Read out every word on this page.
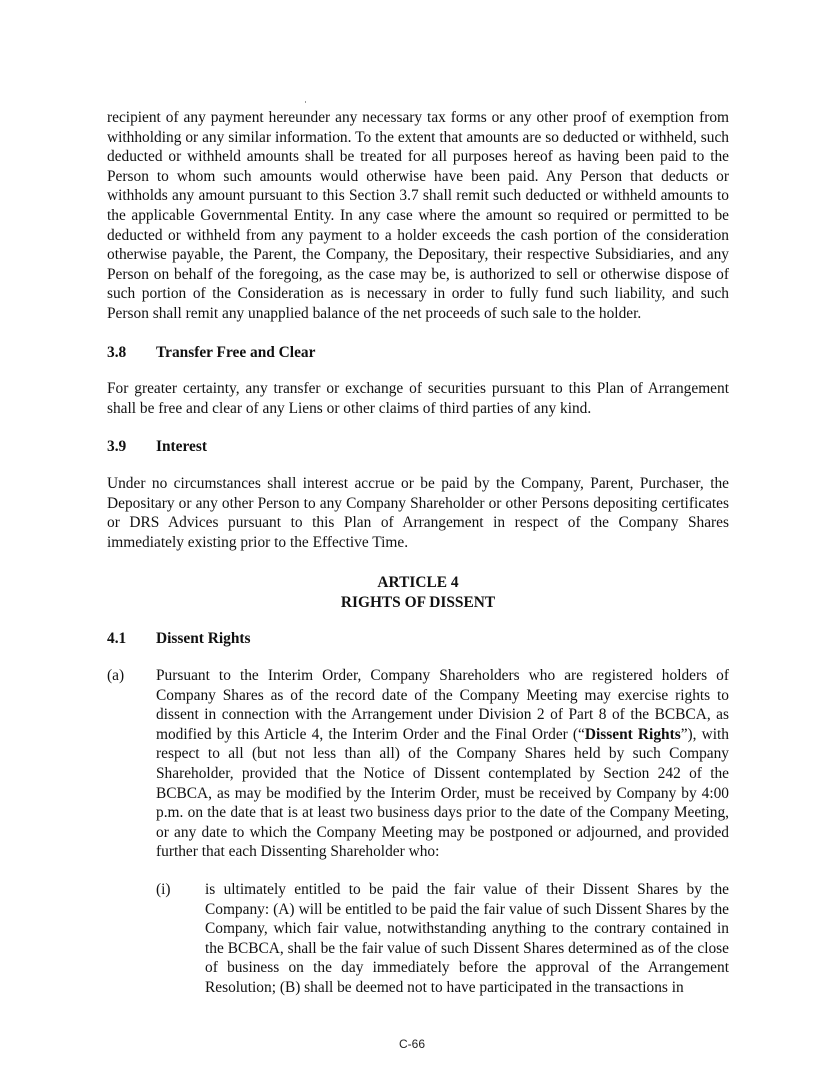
recipient of any payment hereunder any necessary tax forms or any other proof of exemption from withholding or any similar information. To the extent that amounts are so deducted or withheld, such deducted or withheld amounts shall be treated for all purposes hereof as having been paid to the Person to whom such amounts would otherwise have been paid. Any Person that deducts or withholds any amount pursuant to this Section 3.7 shall remit such deducted or withheld amounts to the applicable Governmental Entity. In any case where the amount so required or permitted to be deducted or withheld from any payment to a holder exceeds the cash portion of the consideration otherwise payable, the Parent, the Company, the Depositary, their respective Subsidiaries, and any Person on behalf of the foregoing, as the case may be, is authorized to sell or otherwise dispose of such portion of the Consideration as is necessary in order to fully fund such liability, and such Person shall remit any unapplied balance of the net proceeds of such sale to the holder.

3.8	Transfer Free and Clear

For greater certainty, any transfer or exchange of securities pursuant to this Plan of Arrangement shall be free and clear of any Liens or other claims of third parties of any kind.

3.9	Interest

Under no circumstances shall interest accrue or be paid by the Company, Parent, Purchaser, the Depositary or any other Person to any Company Shareholder or other Persons depositing certificates or DRS Advices pursuant to this Plan of Arrangement in respect of the Company Shares immediately existing prior to the Effective Time.

ARTICLE 4
RIGHTS OF DISSENT
4.1	Dissent Rights
(a)	Pursuant to the Interim Order, Company Shareholders who are registered holders of Company Shares as of the record date of the Company Meeting may exercise rights to dissent in connection with the Arrangement under Division 2 of Part 8 of the BCBCA, as modified by this Article 4, the Interim Order and the Final Order (“Dissent Rights”), with respect to all (but not less than all) of the Company Shares held by such Company Shareholder, provided that the Notice of Dissent contemplated by Section 242 of the BCBCA, as may be modified by the Interim Order, must be received by Company by 4:00 p.m. on the date that is at least two business days prior to the date of the Company Meeting, or any date to which the Company Meeting may be postponed or adjourned, and provided further that each Dissenting Shareholder who:

(i)	is ultimately entitled to be paid the fair value of their Dissent Shares by the Company: (A) will be entitled to be paid the fair value of such Dissent Shares by the Company, which fair value, notwithstanding anything to the contrary contained in the BCBCA, shall be the fair value of such Dissent Shares determined as of the close of business on the day immediately before the approval of the Arrangement Resolution; (B) shall be deemed not to have participated in the transactions in

C-66
